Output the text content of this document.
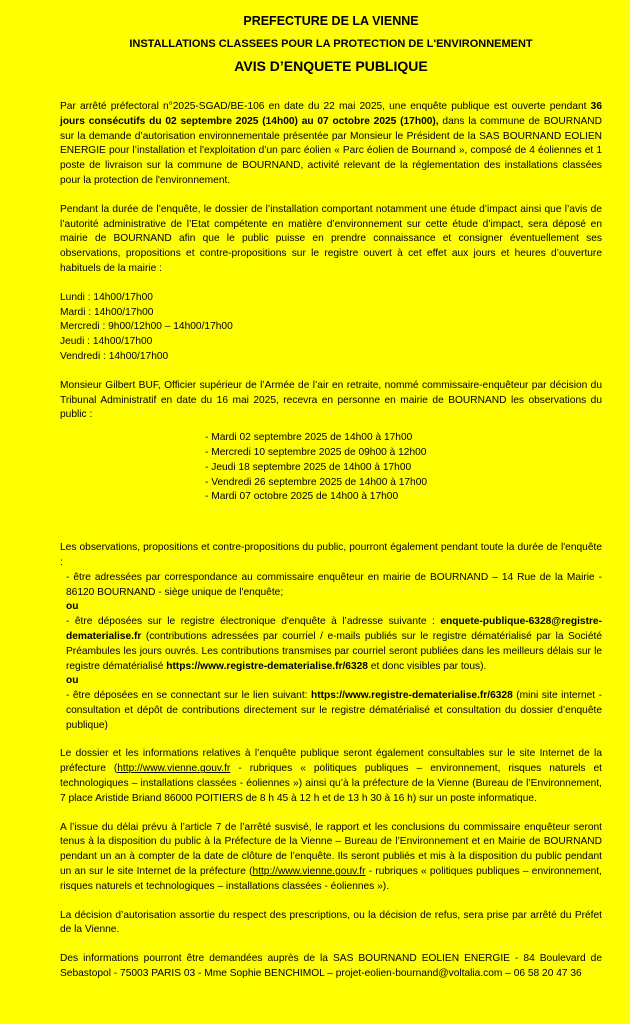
PREFECTURE DE LA VIENNE
INSTALLATIONS CLASSEES POUR LA PROTECTION DE L'ENVIRONNEMENT
AVIS D’ENQUETE PUBLIQUE

Par arrêté préfectoral n°2025-SGAD/BE-106 en date du 22 mai 2025, une enquête publique est ouverte pendant 36 jours consécutifs du 02 septembre 2025 (14h00) au 07 octobre 2025 (17h00), dans la commune de BOURNAND sur la demande d’autorisation environnementale présentée par Monsieur le Président de la SAS BOURNAND EOLIEN ENERGIE pour l’installation et l'exploitation d’un parc éolien « Parc éolien de Bournand », composé de 4 éoliennes et 1 poste de livraison sur la commune de BOURNAND, activité relevant de la réglementation des installations classées pour la protection de l'environnement.

Pendant la durée de l’enquête, le dossier de l’installation comportant notamment une étude d’impact ainsi que l’avis de l’autorité administrative de l’Etat compétente en matière d’environnement sur cette étude d’impact, sera déposé en mairie de BOURNAND afin que le public puisse en prendre connaissance et consigner éventuellement ses observations, propositions et contre-propositions sur le registre ouvert à cet effet aux jours et heures d’ouverture habituels de la mairie :

Lundi : 14h00/17h00
Mardi : 14h00/17h00
Mercredi : 9h00/12h00 – 14h00/17h00
Jeudi : 14h00/17h00
Vendredi : 14h00/17h00

Monsieur Gilbert BUF, Officier supérieur de l’Armée de l’air en retraite, nommé commissaire-enquêteur par décision du Tribunal Administratif en date du 16 mai 2025, recevra en personne en mairie de BOURNAND les observations du public :

- Mardi 02 septembre 2025 de 14h00 à 17h00
- Mercredi 10 septembre 2025 de 09h00 à 12h00
- Jeudi 18 septembre 2025 de 14h00 à 17h00
- Vendredi 26 septembre 2025 de 14h00 à 17h00
- Mardi 07 octobre 2025 de 14h00 à 17h00

Les observations, propositions et contre-propositions du public, pourront également pendant toute la durée de l'enquête :

- être adressées par correspondance au commissaire enquêteur en mairie de BOURNAND – 14 Rue de la Mairie - 86120 BOURNAND - siège unique de l'enquête;

ou

- être déposées sur le registre électronique d'enquête à l’adresse suivante : enquete-publique-6328@registre-dematerialise.fr (contributions adressées par courriel / e-mails publiés sur le registre dématérialisé par la Société Préambules les jours ouvrés. Les contributions transmises par courriel seront publiées dans les meilleurs délais sur le registre dématérialisé https://www.registre-dematerialise.fr/6328 et donc visibles par tous).

ou

- être déposées en se connectant sur le lien suivant: https://www.registre-dematerialise.fr/6328 (mini site internet - consultation et dépôt de contributions directement sur le registre dématérialisé et consultation du dossier d’enquête publique)

Le dossier et les informations relatives à l’enquête publique seront également consultables sur le site Internet de la préfecture (http://www.vienne.gouv.fr - rubriques « politiques publiques – environnement, risques naturels et technologiques – installations classées - éoliennes ») ainsi qu’à la préfecture de la Vienne (Bureau de l’Environnement, 7 place Aristide Briand 86000 POITIERS de 8 h 45 à 12 h et de 13 h 30 à 16 h) sur un poste informatique.

A l’issue du délai prévu à l’article 7 de l’arrêté susvisé, le rapport et les conclusions du commissaire enquêteur seront tenus à la disposition du public à la Préfecture de la Vienne – Bureau de l’Environnement et en Mairie de BOURNAND pendant un an à compter de la date de clôture de l’enquête. Ils seront publiés et mis à la disposition du public pendant un an sur le site Internet de la préfecture (http://www.vienne.gouv.fr - rubriques « politiques publiques – environnement, risques naturels et technologiques – installations classées - éoliennes »).

La décision d’autorisation assortie du respect des prescriptions, ou la décision de refus, sera prise par arrêté du Préfet de la Vienne.

Des informations pourront être demandées auprès de la SAS BOURNAND EOLIEN ENERGIE - 84 Boulevard de Sebastopol - 75003 PARIS 03 - Mme Sophie BENCHIMOL – projet-eolien-bournand@voltalia.com – 06 58 20 47 36
